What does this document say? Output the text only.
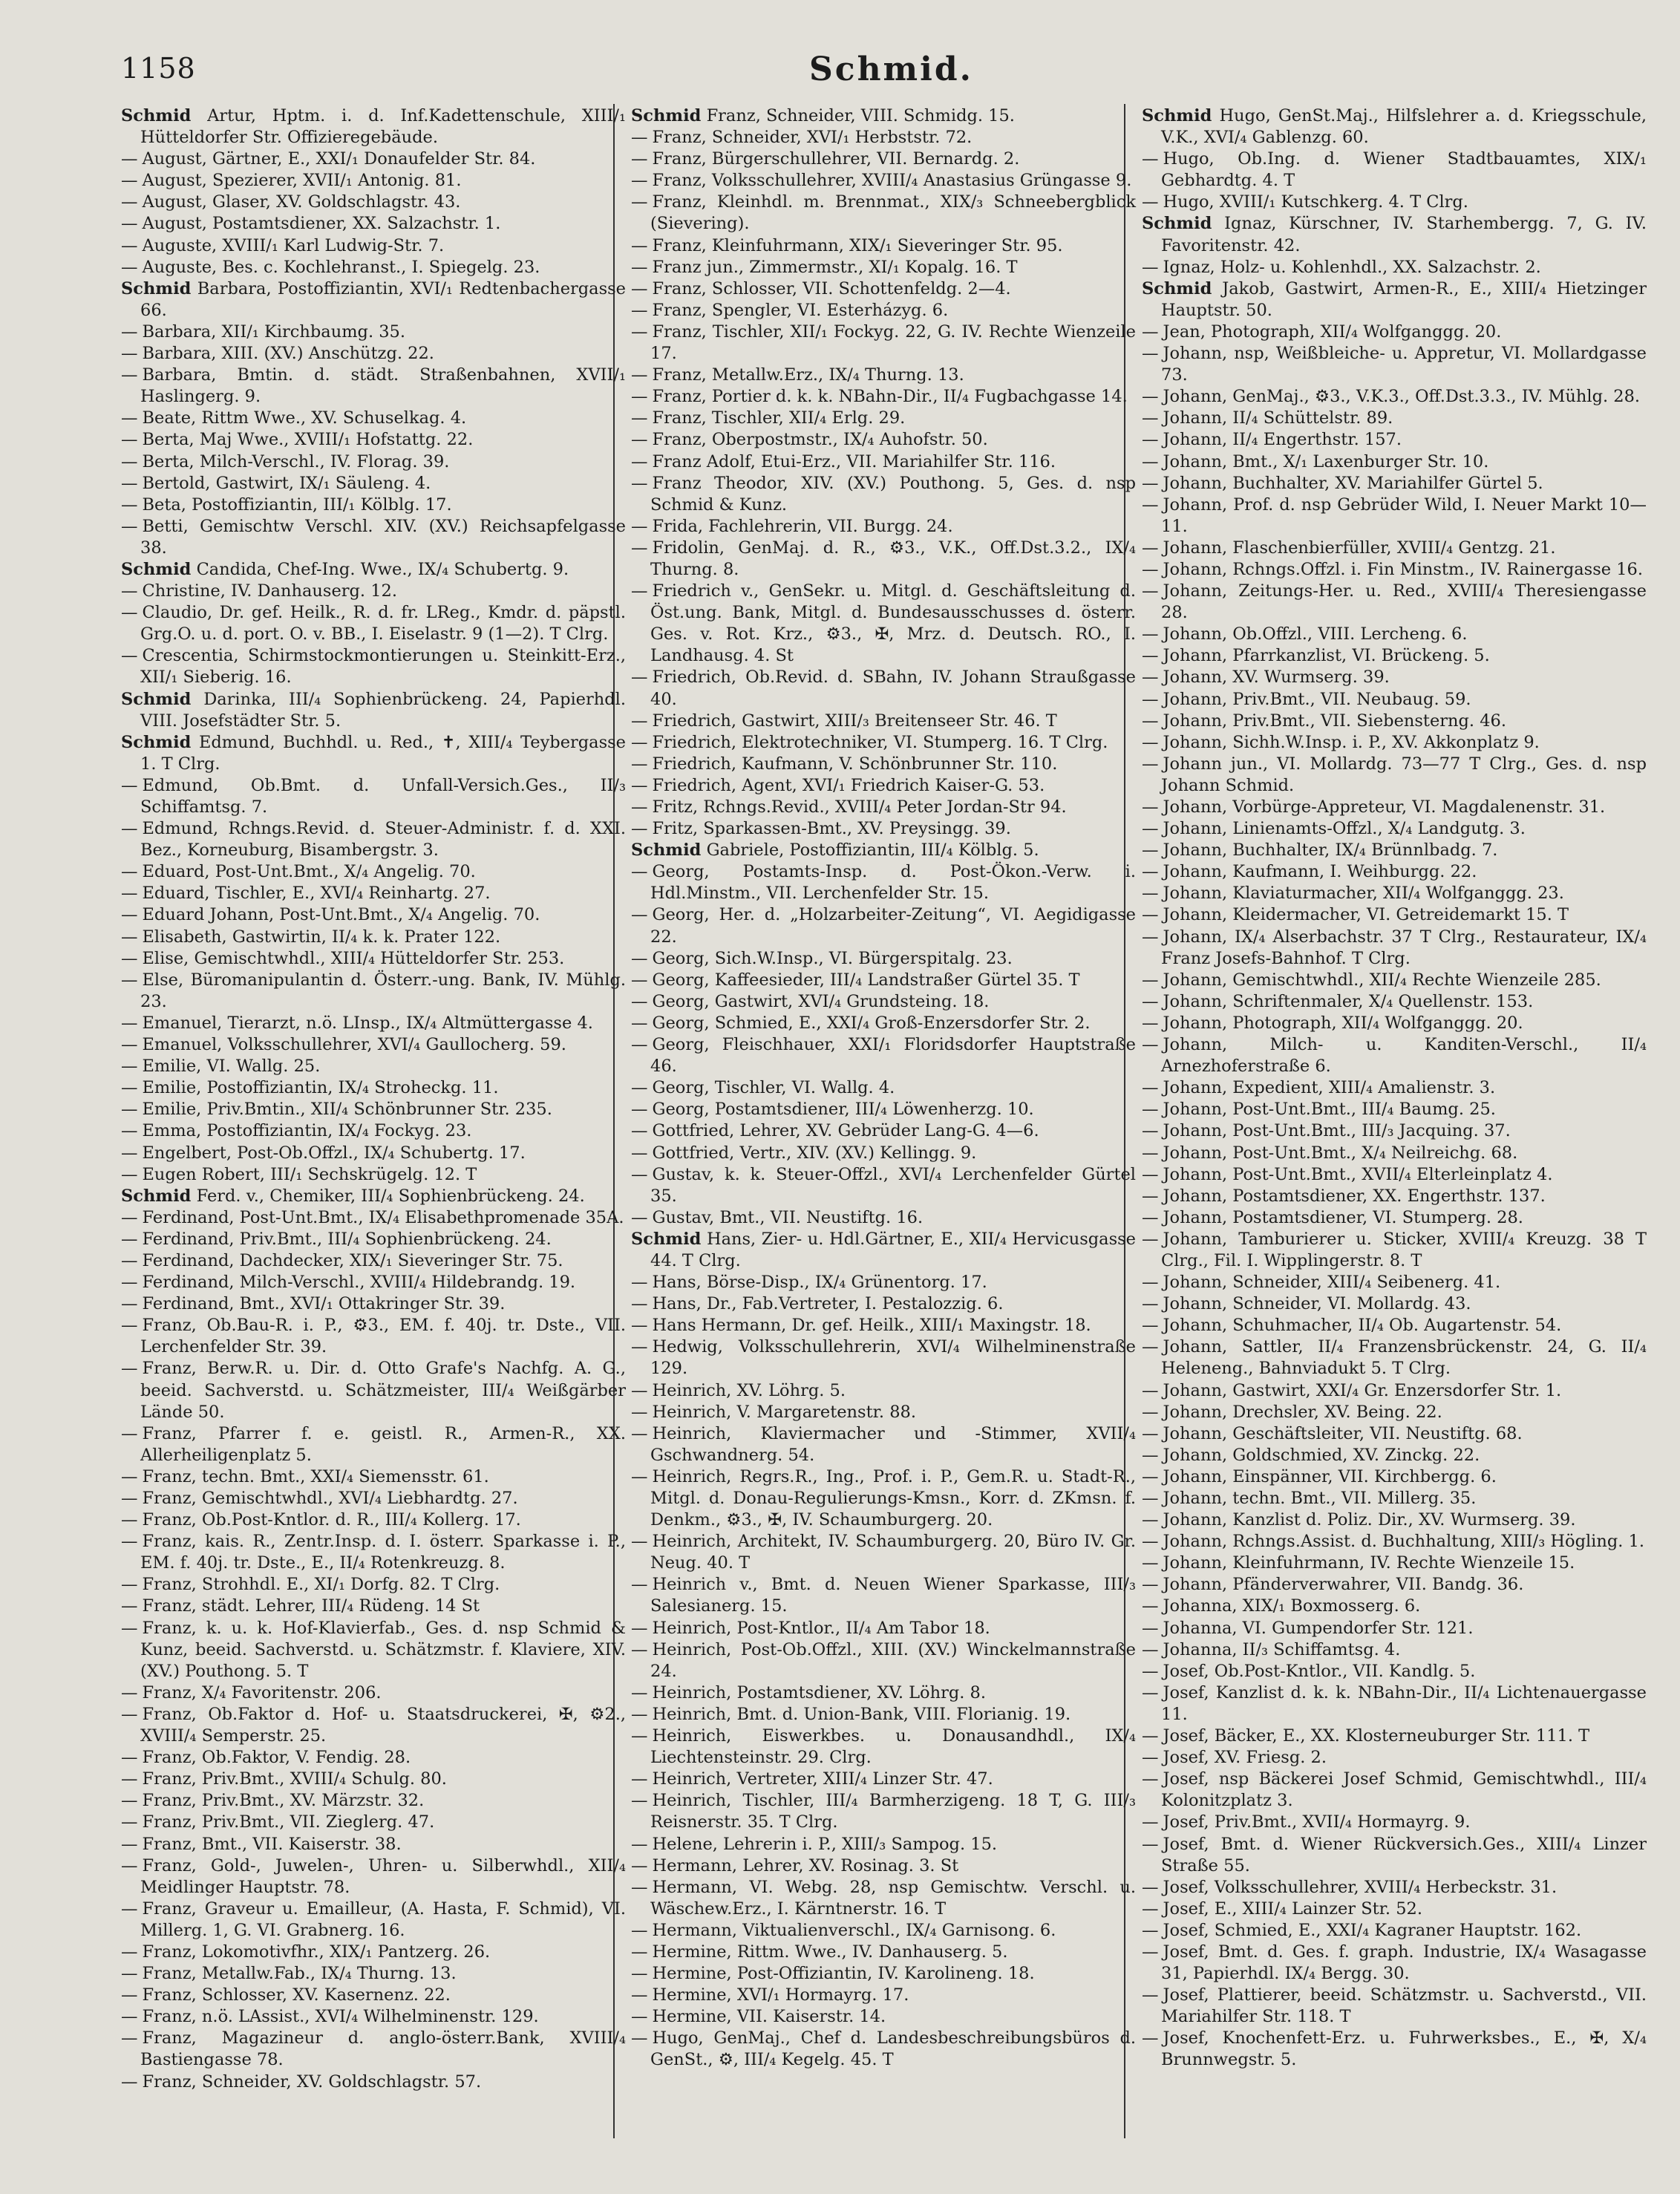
1158	Schmid.
Schmid Artur, Hptm. i. d. Inf.Kadettenschule, XIII/₁ Hütteldorfer Str. Offizieregebäude.
— August, Gärtner, E., XXI/₁ Donaufelder Str. 84.
— August, Spezierer, XVII/₁ Antonig. 81.
— August, Glaser, XV. Goldschlagstr. 43.
— August, Postamtsdiener, XX. Salzachstr. 1.
— Auguste, XVIII/₁ Karl Ludwig-Str. 7.
— Auguste, Bes. c. Kochlehranst., I. Spiegelg. 23.
Schmid Barbara, Postoffiziantin, XVI/₁ Redtenbachergasse 66.
— Barbara, XII/₁ Kirchbaumg. 35.
— Barbara, XIII. (XV.) Anschützg. 22.
— Barbara, Bmtin. d. städt. Straßenbahnen, XVII/₁ Haslingerg. 9.
— Beate, Rittm Wwe., XV. Schuselkag. 4.
— Berta, Maj Wwe., XVIII/₁ Hofstattg. 22.
— Berta, Milch-Verschl., IV. Florag. 39.
— Bertold, Gastwirt, IX/₁ Säuleng. 4.
— Beta, Postoffiziantin, III/₁ Kölblg. 17.
— Betti, Gemischtw Verschl. XIV. (XV.) Reichsapfelgasse 38.
Schmid Candida, Chef-Ing. Wwe., IX/₄ Schubertg. 9.
— Christine, IV. Danhauserg. 12.
— Claudio, Dr. gef. Heilk., R. d. fr. LReg., Kmdr. d. päpstl. Grg.O. u. d. port. O. v. BB., I. Eiselastr. 9 (1—2). T Clrg.
— Crescentia, Schirmstockmontierungen u. Steinkitt-Erz., XII/₁ Sieberig. 16.
Schmid Darinka, III/₄ Sophienbrückeng. 24, Papierhdl. VIII. Josefstädter Str. 5.
Schmid Edmund, Buchhdl. u. Red., ✝, XIII/₄ Teybergasse 1. T Clrg.
— Edmund, Ob.Bmt. d. Unfall-Versich.Ges., II/₃ Schiffamtsg. 7.
— Edmund, Rchngs.Revid. d. Steuer-Administr. f. d. XXI. Bez., Korneuburg, Bisambergstr. 3.
— Eduard, Post-Unt.Bmt., X/₄ Angelig. 70.
— Eduard, Tischler, E., XVI/₄ Reinhartg. 27.
— Eduard Johann, Post-Unt.Bmt., X/₄ Angelig. 70.
— Elisabeth, Gastwirtin, II/₄ k. k. Prater 122.
— Elise, Gemischtwhdl., XIII/₄ Hütteldorfer Str. 253.
— Else, Büromanipulantin d. Österr.-ung. Bank, IV. Mühlg. 23.
— Emanuel, Tierarzt, n.ö. LInsp., IX/₄ Altmüttergasse 4.
— Emanuel, Volksschullehrer, XVI/₄ Gaullocherg. 59.
— Emilie, VI. Wallg. 25.
— Emilie, Postoffiziantin, IX/₄ Stroheckg. 11.
— Emilie, Priv.Bmtin., XII/₄ Schönbrunner Str. 235.
— Emma, Postoffiziantin, IX/₄ Fockyg. 23.
— Engelbert, Post-Ob.Offzl., IX/₄ Schubertg. 17.
— Eugen Robert, III/₁ Sechskrügelg. 12. T
Schmid Ferd. v., Chemiker, III/₄ Sophienbrückeng. 24.
— Ferdinand, Post-Unt.Bmt., IX/₄ Elisabethpromenade 35A.
— Ferdinand, Priv.Bmt., III/₄ Sophienbrückeng. 24.
— Ferdinand, Dachdecker, XIX/₁ Sieveringer Str. 75.
— Ferdinand, Milch-Verschl., XVIII/₄ Hildebrandg. 19.
— Ferdinand, Bmt., XVI/₁ Ottakringer Str. 39.
— Franz, Ob.Bau-R. i. P., ⚙3., EM. f. 40j. tr. Dste., VII. Lerchenfelder Str. 39.
— Franz, Berw.R. u. Dir. d. Otto Grafe's Nachfg. A. G., beeid. Sachverstd. u. Schätzmeister, III/₄ Weißgärber Lände 50.
— Franz, Pfarrer f. e. geistl. R., Armen-R., XX. Allerheiligenplatz 5.
— Franz, techn. Bmt., XXI/₄ Siemensstr. 61.
— Franz, Gemischtwhdl., XVI/₄ Liebhardtg. 27.
— Franz, Ob.Post-Kntlor. d. R., III/₄ Kollerg. 17.
— Franz, kais. R., Zentr.Insp. d. I. österr. Sparkasse i. P., EM. f. 40j. tr. Dste., E., II/₄ Rotenkreuzg. 8.
— Franz, Strohhdl. E., XI/₁ Dorfg. 82. T Clrg.
— Franz, städt. Lehrer, III/₄ Rüdeng. 14 St
— Franz, k. u. k. Hof-Klavierfab., Ges. d. nsp Schmid & Kunz, beeid. Sachverstd. u. Schätzmstr. f. Klaviere, XIV. (XV.) Pouthong. 5. T
— Franz, X/₄ Favoritenstr. 206.
— Franz, Ob.Faktor d. Hof- u. Staatsdruckerei, ✠, ⚙2., XVIII/₄ Semperstr. 25.
— Franz, Ob.Faktor, V. Fendig. 28.
— Franz, Priv.Bmt., XVIII/₄ Schulg. 80.
— Franz, Priv.Bmt., XV. Märzstr. 32.
— Franz, Priv.Bmt., VII. Zieglerg. 47.
— Franz, Bmt., VII. Kaiserstr. 38.
— Franz, Gold-, Juwelen-, Uhren- u. Silberwhdl., XII/₄ Meidlinger Hauptstr. 78.
— Franz, Graveur u. Emailleur, (A. Hasta, F. Schmid), VI. Millerg. 1, G. VI. Grabnerg. 16.
— Franz, Lokomotivfhr., XIX/₁ Pantzerg. 26.
— Franz, Metallw.Fab., IX/₄ Thurng. 13.
— Franz, Schlosser, XV. Kasernenz. 22.
— Franz, n.ö. LAssist., XVI/₄ Wilhelminenstr. 129.
— Franz, Magazineur d. anglo-österr.Bank, XVIII/₄ Bastiengasse 78.
— Franz, Schneider, XV. Goldschlagstr. 57.
Schmid Franz, Schneider, VIII. Schmidg. 15.
— Franz, Schneider, XVI/₁ Herbststr. 72.
— Franz, Bürgerschullehrer, VII. Bernardg. 2.
— Franz, Volksschullehrer, XVIII/₄ Anastasius Grüngasse 9.
— Franz, Kleinhdl. m. Brennmat., XIX/₃ Schneebergblick (Sievering).
— Franz, Kleinfuhrmann, XIX/₁ Sieveringer Str. 95.
— Franz jun., Zimmermstr., XI/₁ Kopalg. 16. T
— Franz, Schlosser, VII. Schottenfeldg. 2—4.
— Franz, Spengler, VI. Esterházyg. 6.
— Franz, Tischler, XII/₁ Fockyg. 22, G. IV. Rechte Wienzeile 17.
— Franz, Metallw.Erz., IX/₄ Thurng. 13.
— Franz, Portier d. k. k. NBahn-Dir., II/₄ Fugbachgasse 14.
— Franz, Tischler, XII/₄ Erlg. 29.
— Franz, Oberpostmstr., IX/₄ Auhofstr. 50.
— Franz Adolf, Etui-Erz., VII. Mariahilfer Str. 116.
— Franz Theodor, XIV. (XV.) Pouthong. 5, Ges. d. nsp Schmid & Kunz.
— Frida, Fachlehrerin, VII. Burgg. 24.
— Fridolin, GenMaj. d. R., ⚙3., V.K., Off.Dst.3.2., IX/₄ Thurng. 8.
— Friedrich v., GenSekr. u. Mitgl. d. Geschäftsleitung d. Öst.ung. Bank, Mitgl. d. Bundesausschusses d. österr. Ges. v. Rot. Krz., ⚙3., ✠, Mrz. d. Deutsch. RO., I. Landhausg. 4. St
— Friedrich, Ob.Revid. d. SBahn, IV. Johann Straußgasse 40.
— Friedrich, Gastwirt, XIII/₃ Breitenseer Str. 46. T
— Friedrich, Elektrotechniker, VI. Stumperg. 16. T Clrg.
— Friedrich, Kaufmann, V. Schönbrunner Str. 110.
— Friedrich, Agent, XVI/₁ Friedrich Kaiser-G. 53.
— Fritz, Rchngs.Revid., XVIII/₄ Peter Jordan-Str 94.
— Fritz, Sparkassen-Bmt., XV. Preysingg. 39.
Schmid Gabriele, Postoffiziantin, III/₄ Kölblg. 5.
— Georg, Postamts-Insp. d. Post-Ökon.-Verw. i. Hdl.Minstm., VII. Lerchenfelder Str. 15.
— Georg, Her. d. „Holzarbeiter-Zeitung“, VI. Aegidigasse 22.
— Georg, Sich.W.Insp., VI. Bürgerspitalg. 23.
— Georg, Kaffeesieder, III/₄ Landstraßer Gürtel 35. T
— Georg, Gastwirt, XVI/₄ Grundsteing. 18.
— Georg, Schmied, E., XXI/₄ Groß-Enzersdorfer Str. 2.
— Georg, Fleischhauer, XXI/₁ Floridsdorfer Hauptstraße 46.
— Georg, Tischler, VI. Wallg. 4.
— Georg, Postamtsdiener, III/₄ Löwenherzg. 10.
— Gottfried, Lehrer, XV. Gebrüder Lang-G. 4—6.
— Gottfried, Vertr., XIV. (XV.) Kellingg. 9.
— Gustav, k. k. Steuer-Offzl., XVI/₄ Lerchenfelder Gürtel 35.
— Gustav, Bmt., VII. Neustiftg. 16.
Schmid Hans, Zier- u. Hdl.Gärtner, E., XII/₄ Hervicusgasse 44. T Clrg.
— Hans, Börse-Disp., IX/₄ Grünentorg. 17.
— Hans, Dr., Fab.Vertreter, I. Pestalozzig. 6.
— Hans Hermann, Dr. gef. Heilk., XIII/₁ Maxingstr. 18.
— Hedwig, Volksschullehrerin, XVI/₄ Wilhelminenstraße 129.
— Heinrich, XV. Löhrg. 5.
— Heinrich, V. Margaretenstr. 88.
— Heinrich, Klaviermacher und -Stimmer, XVII/₄ Gschwandnerg. 54.
— Heinrich, Regrs.R., Ing., Prof. i. P., Gem.R. u. Stadt-R., Mitgl. d. Donau-Regulierungs-Kmsn., Korr. d. ZKmsn. f. Denkm., ⚙3., ✠, IV. Schaumburgerg. 20.
— Heinrich, Architekt, IV. Schaumburgerg. 20, Büro IV. Gr. Neug. 40. T
— Heinrich v., Bmt. d. Neuen Wiener Sparkasse, III/₃ Salesianerg. 15.
— Heinrich, Post-Kntlor., II/₄ Am Tabor 18.
— Heinrich, Post-Ob.Offzl., XIII. (XV.) Winckelmannstraße 24.
— Heinrich, Postamtsdiener, XV. Löhrg. 8.
— Heinrich, Bmt. d. Union-Bank, VIII. Florianig. 19.
— Heinrich, Eiswerkbes. u. Donausandhdl., IX/₄ Liechtensteinstr. 29. Clrg.
— Heinrich, Vertreter, XIII/₄ Linzer Str. 47.
— Heinrich, Tischler, III/₄ Barmherzigeng. 18 T, G. III/₃ Reisnerstr. 35. T Clrg.
— Helene, Lehrerin i. P., XIII/₃ Sampog. 15.
— Hermann, Lehrer, XV. Rosinag. 3. St
— Hermann, VI. Webg. 28, nsp Gemischtw. Verschl. u. Wäschew.Erz., I. Kärntnerstr. 16. T
— Hermann, Viktualienverschl., IX/₄ Garnisong. 6.
— Hermine, Rittm. Wwe., IV. Danhauserg. 5.
— Hermine, Post-Offiziantin, IV. Karolineng. 18.
— Hermine, XVI/₁ Hormayrg. 17.
— Hermine, VII. Kaiserstr. 14.
— Hugo, GenMaj., Chef d. Landesbeschreibungsbüros d. GenSt., ⚙, III/₄ Kegelg. 45. T
Schmid Hugo, GenSt.Maj., Hilfslehrer a. d. Kriegsschule, V.K., XVI/₄ Gablenzg. 60.
— Hugo, Ob.Ing. d. Wiener Stadtbauamtes, XIX/₁ Gebhardtg. 4. T
— Hugo, XVIII/₁ Kutschkerg. 4. T Clrg.
Schmid Ignaz, Kürschner, IV. Starhembergg. 7, G. IV. Favoritenstr. 42.
— Ignaz, Holz- u. Kohlenhdl., XX. Salzachstr. 2.
Schmid Jakob, Gastwirt, Armen-R., E., XIII/₄ Hietzinger Hauptstr. 50.
— Jean, Photograph, XII/₄ Wolfganggg. 20.
— Johann, nsp, Weißbleiche- u. Appretur, VI. Mollardgasse 73.
— Johann, GenMaj., ⚙3., V.K.3., Off.Dst.3.3., IV. Mühlg. 28.
— Johann, II/₄ Schüttelstr. 89.
— Johann, II/₄ Engerthstr. 157.
— Johann, Bmt., X/₁ Laxenburger Str. 10.
— Johann, Buchhalter, XV. Mariahilfer Gürtel 5.
— Johann, Prof. d. nsp Gebrüder Wild, I. Neuer Markt 10—11.
— Johann, Flaschenbierfüller, XVIII/₄ Gentzg. 21.
— Johann, Rchngs.Offzl. i. Fin Minstm., IV. Rainergasse 16.
— Johann, Zeitungs-Her. u. Red., XVIII/₄ Theresiengasse 28.
— Johann, Ob.Offzl., VIII. Lercheng. 6.
— Johann, Pfarrkanzlist, VI. Brückeng. 5.
— Johann, XV. Wurmserg. 39.
— Johann, Priv.Bmt., VII. Neubaug. 59.
— Johann, Priv.Bmt., VII. Siebensterng. 46.
— Johann, Sichh.W.Insp. i. P., XV. Akkonplatz 9.
— Johann jun., VI. Mollardg. 73—77 T Clrg., Ges. d. nsp Johann Schmid.
— Johann, Vorbürge-Appreteur, VI. Magdalenenstr. 31.
— Johann, Linienamts-Offzl., X/₄ Landgutg. 3.
— Johann, Buchhalter, IX/₄ Brünnlbadg. 7.
— Johann, Kaufmann, I. Weihburgg. 22.
— Johann, Klaviaturmacher, XII/₄ Wolfganggg. 23.
— Johann, Kleidermacher, VI. Getreidemarkt 15. T
— Johann, IX/₄ Alserbachstr. 37 T Clrg., Restaurateur, IX/₄ Franz Josefs-Bahnhof. T Clrg.
— Johann, Gemischtwhdl., XII/₄ Rechte Wienzeile 285.
— Johann, Schriftenmaler, X/₄ Quellenstr. 153.
— Johann, Photograph, XII/₄ Wolfganggg. 20.
— Johann, Milch- u. Kanditen-Verschl., II/₄ Arnezhoferstraße 6.
— Johann, Expedient, XIII/₄ Amalienstr. 3.
— Johann, Post-Unt.Bmt., III/₄ Baumg. 25.
— Johann, Post-Unt.Bmt., III/₃ Jacquing. 37.
— Johann, Post-Unt.Bmt., X/₄ Neilreichg. 68.
— Johann, Post-Unt.Bmt., XVII/₄ Elterleinplatz 4.
— Johann, Postamtsdiener, XX. Engerthstr. 137.
— Johann, Postamtsdiener, VI. Stumperg. 28.
— Johann, Tamburierer u. Sticker, XVIII/₄ Kreuzg. 38 T Clrg., Fil. I. Wipplingerstr. 8. T
— Johann, Schneider, XIII/₄ Seibenerg. 41.
— Johann, Schneider, VI. Mollardg. 43.
— Johann, Schuhmacher, II/₄ Ob. Augartenstr. 54.
— Johann, Sattler, II/₄ Franzensbrückenstr. 24, G. II/₄ Heleneng., Bahnviadukt 5. T Clrg.
— Johann, Gastwirt, XXI/₄ Gr. Enzersdorfer Str. 1.
— Johann, Drechsler, XV. Being. 22.
— Johann, Geschäftsleiter, VII. Neustiftg. 68.
— Johann, Goldschmied, XV. Zinckg. 22.
— Johann, Einspänner, VII. Kirchbergg. 6.
— Johann, techn. Bmt., VII. Millerg. 35.
— Johann, Kanzlist d. Poliz. Dir., XV. Wurmserg. 39.
— Johann, Rchngs.Assist. d. Buchhaltung, XIII/₃ Högling. 1.
— Johann, Kleinfuhrmann, IV. Rechte Wienzeile 15.
— Johann, Pfänderverwahrer, VII. Bandg. 36.
— Johanna, XIX/₁ Boxmosserg. 6.
— Johanna, VI. Gumpendorfer Str. 121.
— Johanna, II/₃ Schiffamtsg. 4.
— Josef, Ob.Post-Kntlor., VII. Kandlg. 5.
— Josef, Kanzlist d. k. k. NBahn-Dir., II/₄ Lichtenauergasse 11.
— Josef, Bäcker, E., XX. Klosterneuburger Str. 111. T
— Josef, XV. Friesg. 2.
— Josef, nsp Bäckerei Josef Schmid, Gemischtwhdl., III/₄ Kolonitzplatz 3.
— Josef, Priv.Bmt., XVII/₄ Hormayrg. 9.
— Josef, Bmt. d. Wiener Rückversich.Ges., XIII/₄ Linzer Straße 55.
— Josef, Volksschullehrer, XVIII/₄ Herbeckstr. 31.
— Josef, E., XIII/₄ Lainzer Str. 52.
— Josef, Schmied, E., XXI/₄ Kagraner Hauptstr. 162.
— Josef, Bmt. d. Ges. f. graph. Industrie, IX/₄ Wasagasse 31, Papierhdl. IX/₄ Bergg. 30.
— Josef, Plattierer, beeid. Schätzmstr. u. Sachverstd., VII. Mariahilfer Str. 118. T
— Josef, Knochenfett-Erz. u. Fuhrwerksbes., E., ✠, X/₄ Brunnwegstr. 5.
